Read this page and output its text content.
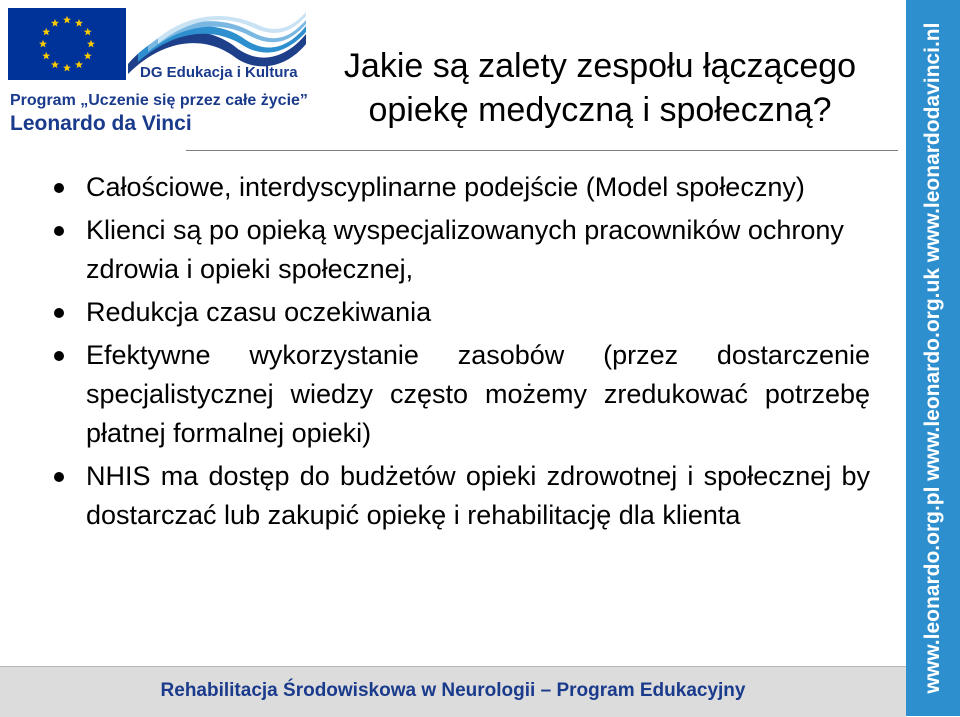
DG Edukacja i Kultura
Program „Uczenie się przez całe życie”
Leonardo da Vinci
Jakie są zalety zespołu łączącego
opiekę medyczną i społeczną?
Całościowe, interdyscyplinarne podejście (Model społeczny)
Klienci są po opieką wyspecjalizowanych pracowników ochrony zdrowia i opieki społecznej,
Redukcja czasu oczekiwania
Efektywne wykorzystanie zasobów (przez dostarczenie specjalistycznej wiedzy często możemy zredukować potrzebę płatnej formalnej opieki)
NHIS ma dostęp do budżetów opieki zdrowotnej i społecznej by dostarczać lub zakupić opiekę i rehabilitację dla klienta
Rehabilitacja Środowiskowa w Neurologii – Program Edukacyjny	www.leonardo.org.pl www.leonardo.org.uk www.leonardodavinci.nl
